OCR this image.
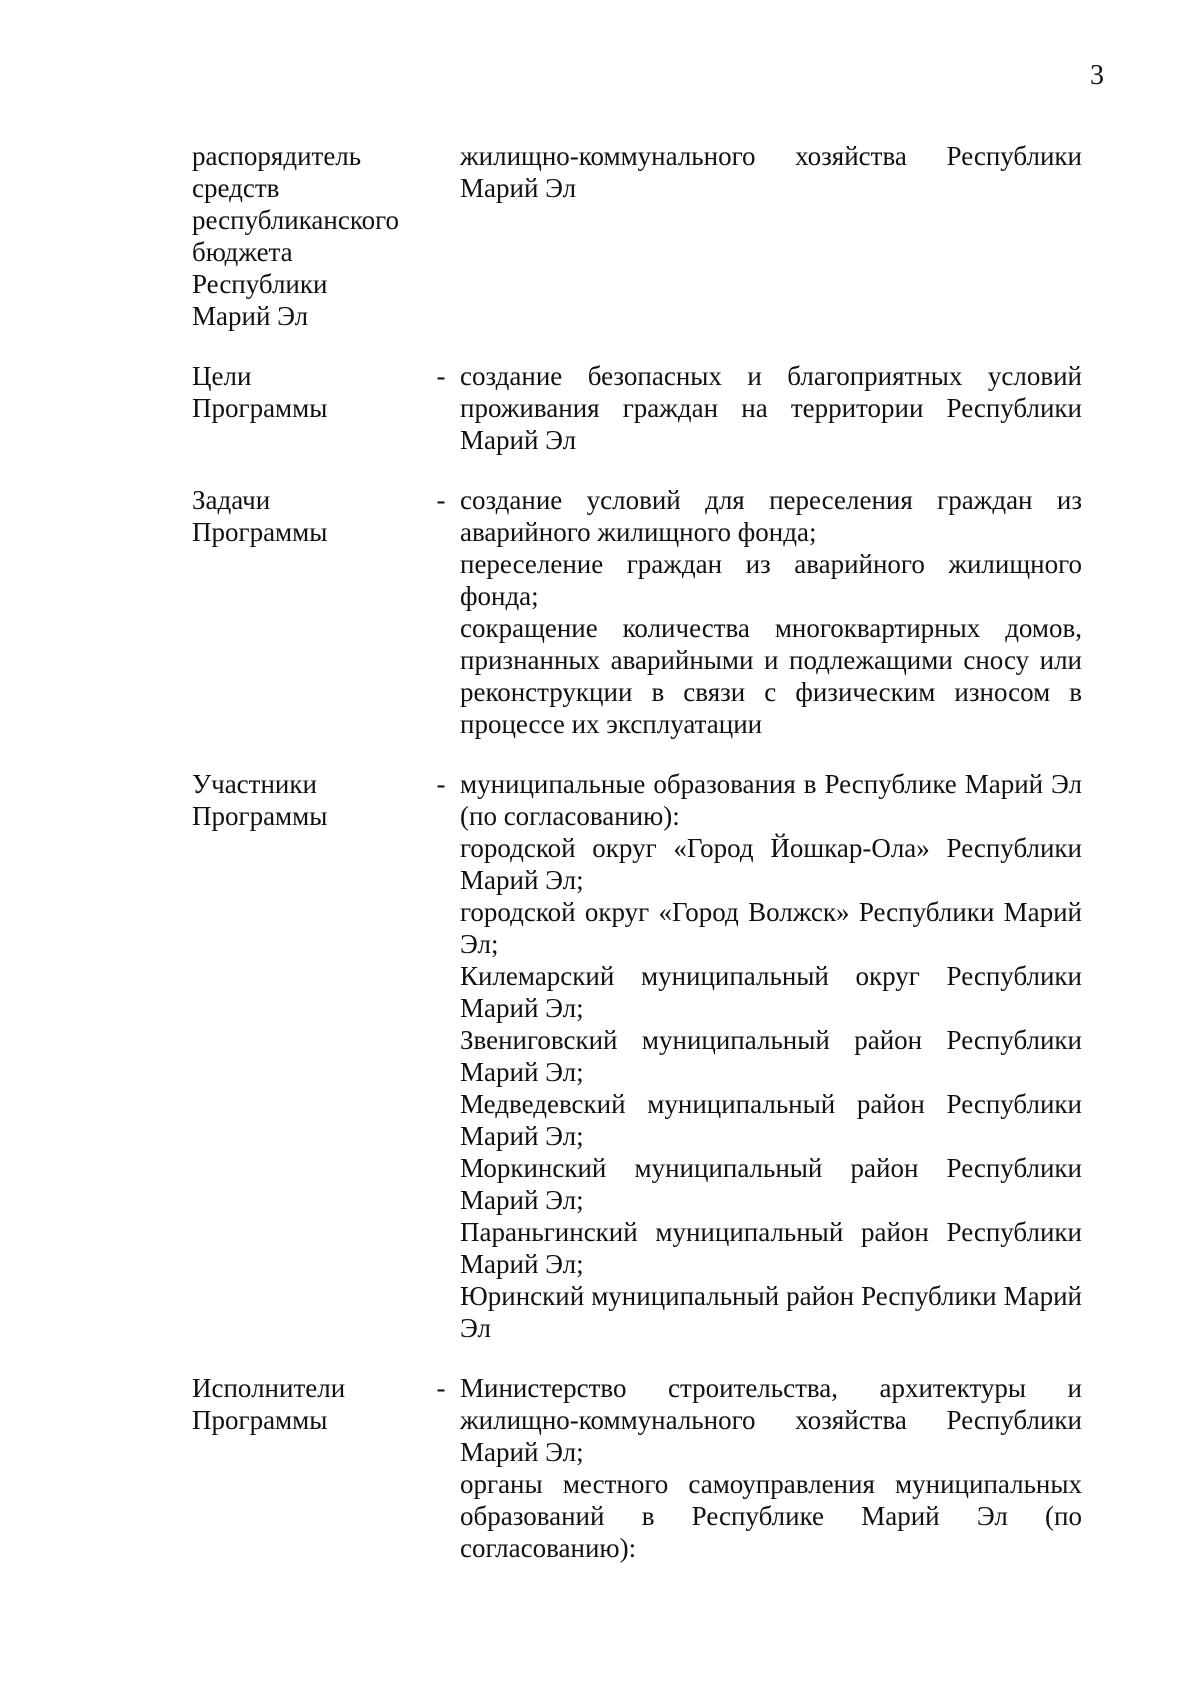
3
распорядитель
средств
республиканского
бюджета
Республики
Марий Эл

жилищно-коммунального хозяйства Республики Марий Эл

Цели
Программы
- создание безопасных и благоприятных условий проживания граждан на территории Республики Марий Эл

Задачи
Программы
- создание условий для переселения граждан из аварийного жилищного фонда;

переселение граждан из аварийного жилищного фонда;

сокращение количества многоквартирных домов, признанных аварийными и подлежащими сносу или реконструкции в связи с физическим износом в процессе их эксплуатации

Участники
Программы
- муниципальные образования в Республике Марий Эл (по согласованию):

городской округ «Город Йошкар-Ола» Республики Марий Эл;

городской округ «Город Волжск» Республики Марий Эл;

Килемарский муниципальный округ Республики Марий Эл;

Звениговский муниципальный район Республики Марий Эл;

Медведевский муниципальный район Республики Марий Эл;

Моркинский муниципальный район Республики Марий Эл;

Параньгинский муниципальный район Республики Марий Эл;

Юринский муниципальный район Республики Марий Эл

Исполнители
Программы
- Министерство строительства, архитектуры и жилищно-коммунального хозяйства Республики Марий Эл;

органы местного самоуправления муниципальных образований в Республике Марий Эл (по согласованию):
